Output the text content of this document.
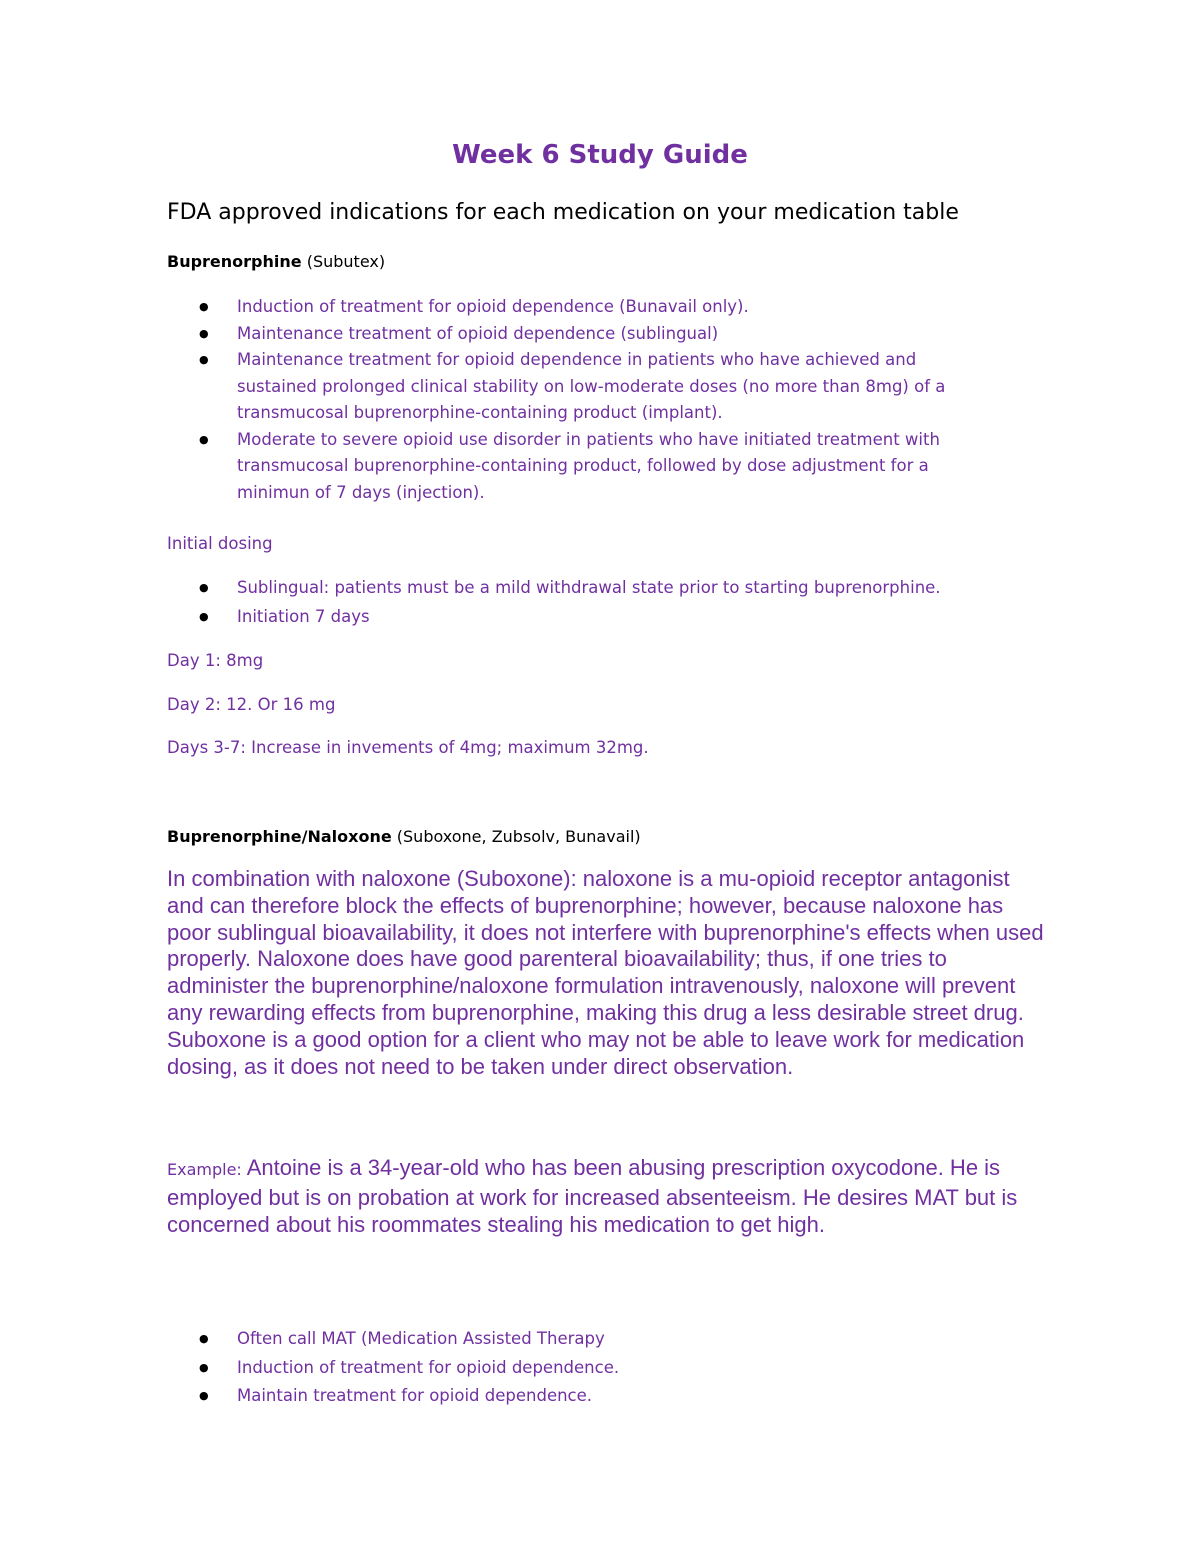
Week 6 Study Guide
FDA approved indications for each medication on your medication table
Buprenorphine (Subutex)
● Induction of treatment for opioid dependence (Bunavail only).
● Maintenance treatment of opioid dependence (sublingual)
● Maintenance treatment for opioid dependence in patients who have achieved and
sustained prolonged clinical stability on low-moderate doses (no more than 8mg) of a
transmucosal buprenorphine-containing product (implant).
● Moderate to severe opioid use disorder in patients who have initiated treatment with
transmucosal buprenorphine-containing product, followed by dose adjustment for a
minimun of 7 days (injection).
Initial dosing
● Sublingual: patients must be a mild withdrawal state prior to starting buprenorphine.
● Initiation 7 days
Day 1: 8mg
Day 2: 12. Or 16 mg
Days 3-7: Increase in invements of 4mg; maximum 32mg.
Buprenorphine/Naloxone (Suboxone, Zubsolv, Bunavail)

In combination with naloxone (Suboxone): naloxone is a mu-opioid receptor antagonist and can therefore block the effects of buprenorphine; however, because naloxone has poor sublingual bioavailability, it does not interfere with buprenorphine's effects when used properly. Naloxone does have good parenteral bioavailability; thus, if one tries to administer the buprenorphine/naloxone formulation intravenously, naloxone will prevent any rewarding effects from buprenorphine, making this drug a less desirable street drug. Suboxone is a good option for a client who may not be able to leave work for medication dosing, as it does not need to be taken under direct observation.

Example: Antoine is a 34-year-old who has been abusing prescription oxycodone. He is employed but is on probation at work for increased absenteeism. He desires MAT but is concerned about his roommates stealing his medication to get high.

● Often call MAT (Medication Assisted Therapy
● Induction of treatment for opioid dependence.
● Maintain treatment for opioid dependence.
